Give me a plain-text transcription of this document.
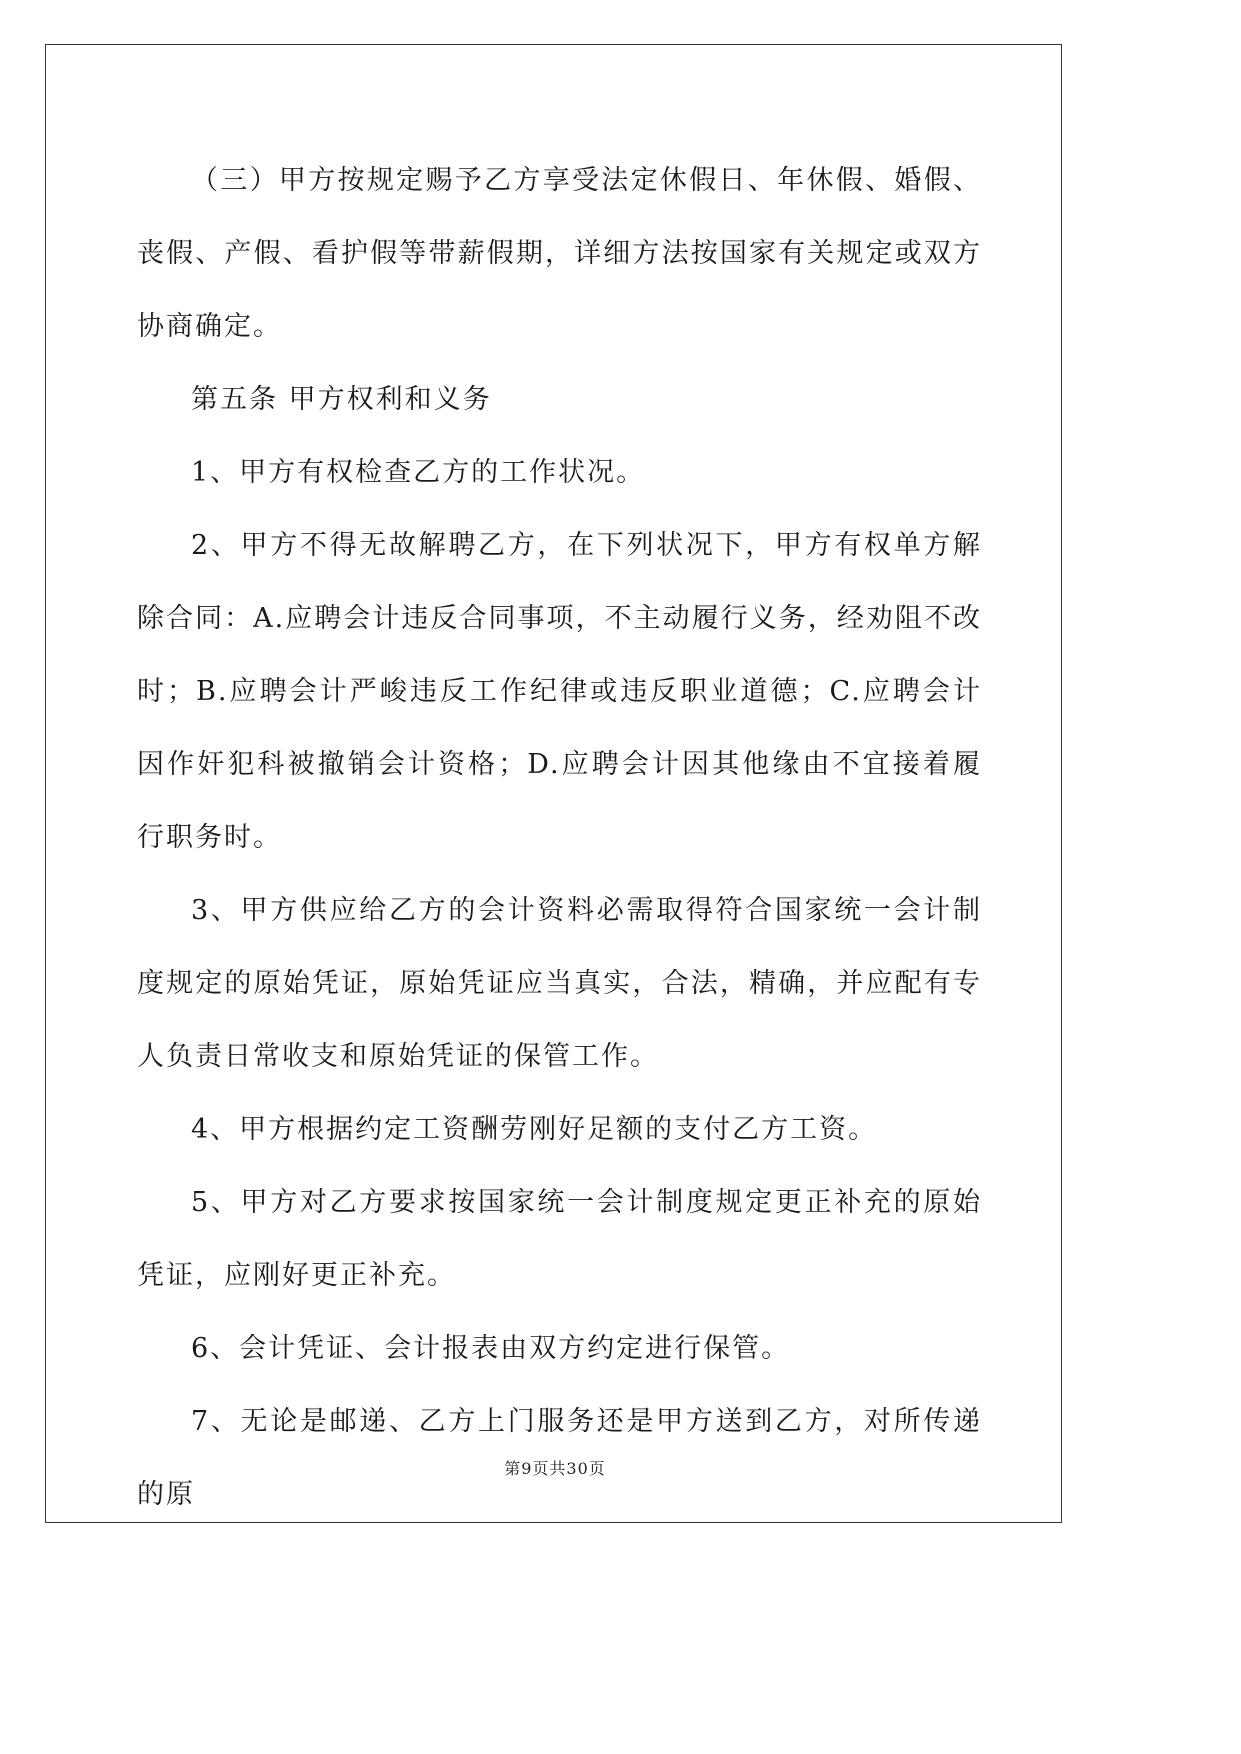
（三）甲方按规定赐予乙方享受法定休假日、年休假、婚假、丧假、产假、看护假等带薪假期，详细方法按国家有关规定或双方协商确定。

第五条 甲方权利和义务

1、甲方有权检查乙方的工作状况。

2、甲方不得无故解聘乙方，在下列状况下，甲方有权单方解除合同：A.应聘会计违反合同事项，不主动履行义务，经劝阻不改时；B.应聘会计严峻违反工作纪律或违反职业道德；C.应聘会计因作奸犯科被撤销会计资格；D.应聘会计因其他缘由不宜接着履行职务时。

3、甲方供应给乙方的会计资料必需取得符合国家统一会计制度规定的原始凭证，原始凭证应当真实，合法，精确，并应配有专人负责日常收支和原始凭证的保管工作。

4、甲方根据约定工资酬劳刚好足额的支付乙方工资。

5、甲方对乙方要求按国家统一会计制度规定更正补充的原始凭证，应刚好更正补充。

6、会计凭证、会计报表由双方约定进行保管。

7、无论是邮递、乙方上门服务还是甲方送到乙方，对所传递的原

第9页共30页
